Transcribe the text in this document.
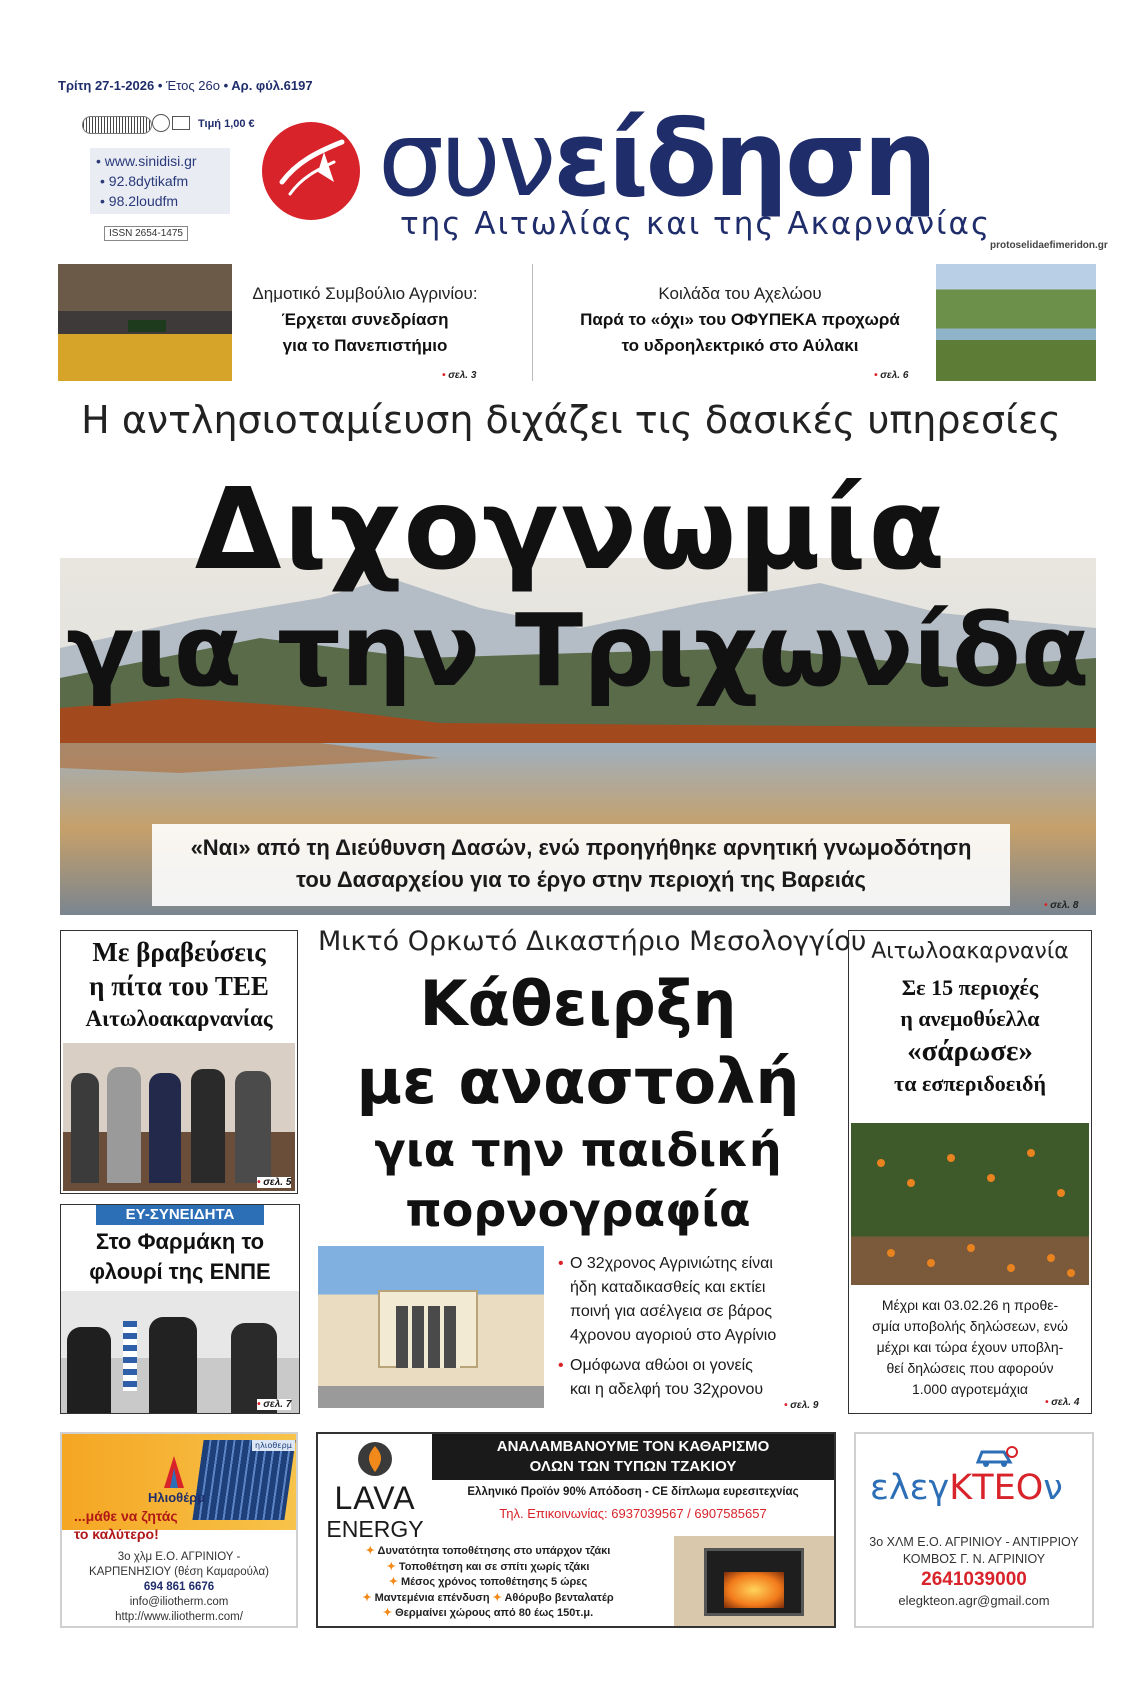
Τρίτη 27-1-2026 • Έτος 26ο • Αρ. φύλ.6197
Τιμή 1,00 €
• www.sinidisi.gr
• 92.8dytikafm
• 98.2loudfm
ISSN 2654-1475
συνείδηση
της Αιτωλίας και της Ακαρνανίας
protoselidaefimeridon.gr
Δημοτικό Συμβούλιο Αγρινίου:
Έρχεται συνεδρίαση
για το Πανεπιστήμιο
• σελ. 3
Κοιλάδα του Αχελώου
Παρά το «όχι» του ΟΦΥΠΕΚΑ προχωρά
το υδροηλεκτρικό στο Αύλακι
• σελ. 6
Η αντλησιοταμίευση διχάζει τις δασικές υπηρεσίες
Διχογνωμία
για την Τριχωνίδα
«Ναι» από τη Διεύθυνση Δασών, ενώ προηγήθηκε αρνητική γνωμοδότηση
του Δασαρχείου για το έργο στην περιοχή της Βαρειάς
• σελ. 8
Με βραβεύσεις
η πίτα του ΤΕΕ
Αιτωλοακαρνανίας
• σελ. 5
ΕΥ-ΣΥΝΕΙΔΗΤΑ
Στο Φαρμάκη το
φλουρί της ΕΝΠΕ
• σελ. 7
Μικτό Ορκωτό Δικαστήριο Μεσολογγίου
Κάθειρξη
με αναστολή
για την παιδική
πορνογραφία
• Ο 32χρονος Αγρινιώτης είναι
ήδη καταδικασθείς και εκτίει
ποινή για ασέλγεια σε βάρος
4χρονου αγοριού στο Αγρίνιο
• Ομόφωνα αθώοι οι γονείς
και η αδελφή του 32χρονου
• σελ. 9
Αιτωλοακαρνανία
Σε 15 περιοχές
η ανεμοθύελλα
«σάρωσε»
τα εσπεριδοειδή
Μέχρι και 03.02.26 η προθε-
σμία υποβολής δηλώσεων, ενώ
μέχρι και τώρα έχουν υποβλη-
θεί δηλώσεις που αφορούν
1.000 αγροτεμάχια
• σελ. 4
ηλιοθερμ
Ηλιοθέρμ
...μάθε να ζητάς
το καλύτερο!
3ο χλμ Ε.Ο. ΑΓΡΙΝΙΟΥ -
ΚΑΡΠΕΝΗΣΙΟΥ (θέση Καμαρούλα)
694 861 6676
info@iliotherm.com
http://www.iliotherm.com/
LAVA
ENERGY
ΑΝΑΛΑΜΒΑΝΟΥΜΕ ΤΟΝ ΚΑΘΑΡΙΣΜΟ
ΟΛΩΝ ΤΩΝ ΤΥΠΩΝ ΤΖΑΚΙΟΥ
Ελληνικό Προϊόν 90% Απόδοση - CE δίπλωμα ευρεσιτεχνίας
Τηλ. Επικοινωνίας: 6937039567 / 6907585657
✦ Δυνατότητα τοποθέτησης στο υπάρχον τζάκι
✦ Τοποθέτηση και σε σπίτι χωρίς τζάκι
✦ Μέσος χρόνος τοποθέτησης 5 ώρες
✦ Μαντεμένια επένδυση ✦ Αθόρυβο βενταλατέρ
✦ Θερμαίνει χώρους από 80 έως 150τ.μ.
ελεγΚΤΕΟν
3ο ΧΛΜ Ε.Ο. ΑΓΡΙΝΙΟΥ - ΑΝΤΙΡΡΙΟΥ
ΚΟΜΒΟΣ Γ. Ν. ΑΓΡΙΝΙΟΥ
2641039000
elegkteon.agr@gmail.com
